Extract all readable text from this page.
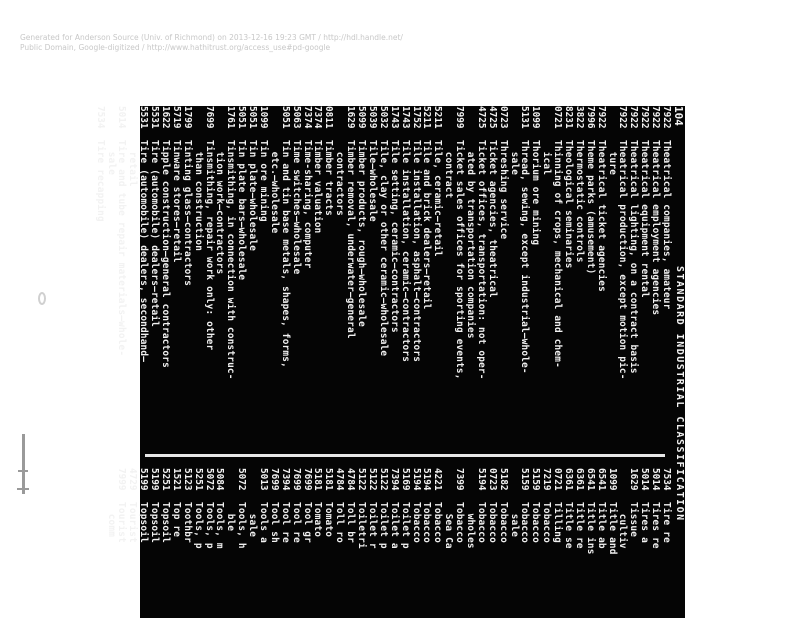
Generated for Anderson Source (Univ. of Richmond) on 2013-12-16 19:23 GMT / http://hdl.handle.net/
Public Domain, Google-digitized / http://www.hathitrust.org/access_use#pd-google
104
STANDARD INDUSTRIAL CLASSIFICATION
7922
Theatrical companies, amateur
7922
Theatrical employment agencies
7922
Theatrical equipment rental
7922
Theatrical lighting, on a contract basis
7922
Theatrical production, except motion pic-
ture
7922
Theatrical ticket agencies
7996
Theme parks (amusement)
3822
Thermostatic controls
8231
Theological seminaries
0721
Thinning of crops, mechanical and chem-
ical
1099
Thorium ore mining
5131
Thread, sewing, except industrial—whole-
sale
0723
Threshing service
4725
Ticket agencies, theatrical
4725
Ticket offices, transportation: not oper-
ated by transportation companies
7999
Ticket sales offices for sporting events,
contract
5211
Tile, ceramic—retail
5211
Tile and brick dealers—retail
1752
Tile installation, asphalt—contractors
1743
Tile installation, ceramic—contractors
1743
Tile setting, ceramic—contractors
5032
Tile, clay or other ceramic—wholesale
5039
Tile—wholesale
5099
Timber products, rough—wholesale
1629
Timber removal, underwater—general
contractors
0811
Timber tracts
7374
Timber valuation
7374
Time-sharing, computer
5063
Time switches—wholesale
5051
Tin and tin base metals, shapes, forms,
etc.—wholesale
1099
Tin ore mining
5051
Tin plate—wholesale
5051
Tin plate bars—wholesale
1761
Tinsmithing, in connection with construc-
tion work—contractors
7699
Tinsmithing, repair work only: other
than construction
1799
Tinting glass—contractors
5719
Tinware stores—retail
1622
Tipple construction—general contractors
5531
Tire (automobile) dealers—retail
5531
Tire (automobile) dealers, secondhand—
retail
5014
Tire and tube repair materials—whole-
sale
7534
Tire recapping
7534
Tire re
5014
Tires re
5014
Tires a
1629
Tissue
cultiv
1099
Title and
6541
Title ab
6541
Title ins
6361
Title re
6361
Title se
0721
Tilling
7219
Tobacco
5159
Tobacco
5159
Tobacco
sale
5182
Tobacco
0723
Tobacco
5194
Tobacco
wholes
7399
Tobacco
Sea Ca
4221
Tobacco
5194
Tobacco
5194
Tobacco
5169
Toilet p
7394
Toilet a
5122
Toilet p
5122
Toilet r
5122
Toiletri
4784
Toll br
4784
Toll ro
5181
Tomato
5181
Tomato
7699
Tool gr
7699
Tool re
7394
Tool re
7699
Tool sh
5013
Tools a
sale
5072
Tools, h
ble
5084
Tools, m
5072
Tools, p
5251
Tools, p
5123
Toothbr
1521
Top re
5251
Topsoil
5199
Topsoil
5199
Topsoil
4729
Tourist
7999
Tourist
comm
